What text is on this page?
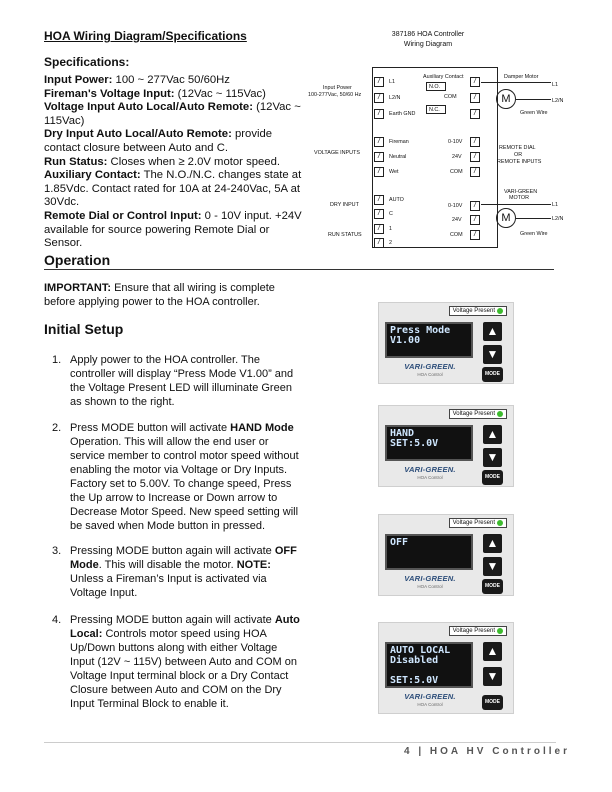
HOA Wiring Diagram/Specifications
Specifications:
Input Power: 100 ~ 277Vac 50/60Hz
Fireman's Voltage Input: (12Vac ~ 115Vac)
Voltage Input Auto Local/Auto Remote: (12Vac ~ 115Vac)
Dry Input Auto Local/Auto Remote: provide contact closure between Auto and C.
Run Status: Closes when ≥ 2.0V motor speed.
Auxiliary Contact: The N.O./N.C. changes state at 1.85Vdc. Contact rated for 10A at 24-240Vac, 5A at 30Vdc.
Remote Dial or Control Input: 0 - 10V input. +24V available for source powering Remote Dial or Sensor.
387186 HOA Controller
Wiring Diagram
Input Power
100-277Vac, 50/60 Hz
VOLTAGE INPUTS
DRY INPUT
RUN STATUS
/	L1
/	L2/N
/	Earth GND
/	Fireman
/	Neutral
/	Wet
/	AUTO
/	C
/	1
/	2
Auxiliary Contact
N.O.
COM
N.C.
/
/
/
0-10V	/
24V	/
COM	/
0-10V	/
24V	/
COM	/
Damper Motor
M
L1
L2/N
Green Wire
REMOTE DIAL
OR
REMOTE INPUTS
VARI-GREEN
MOTOR
M
L1
L2/N
Green Wire
Operation
IMPORTANT: Ensure that all wiring is complete before applying power to the HOA controller.
Initial Setup
1. Apply power to the HOA controller. The controller will display “Press Mode V1.00” and the Voltage Present LED will illuminate Green as shown to the right.
2. Press MODE button will activate HAND Mode Operation. This will allow the end user or service member to control motor speed without enabling the motor via Voltage or Dry Inputs. Factory set to 5.00V. To change speed, Press the Up arrow to Increase or Down arrow to Decrease Motor Speed. New speed setting will be saved when Mode button in pressed.
3. Pressing MODE button again will activate OFF Mode. This will disable the motor. NOTE: Unless a Fireman’s Input is activated via Voltage Input.
4. Pressing MODE button again will activate Auto Local: Controls motor speed using HOA Up/Down buttons along with either Voltage Input (12V ~ 115V) between Auto and COM on Voltage Input terminal block or a Dry Contact Closure between Auto and COM on the Dry Input Terminal Block to enable it.
Voltage Present
Press Mode
V1.00
▲
▼
MODE
VARI-GREEN.
HOA Control
Voltage Present
HAND
SET:5.0V
▲
▼
MODE
VARI-GREEN.
HOA Control
Voltage Present
OFF	▲
▼
MODE
VARI-GREEN.
HOA Control
Voltage Present
AUTO LOCAL
Disabled
SET:5.0V
▲
▼
MODE
VARI-GREEN.
HOA Control
4 | HOA HV Controller
